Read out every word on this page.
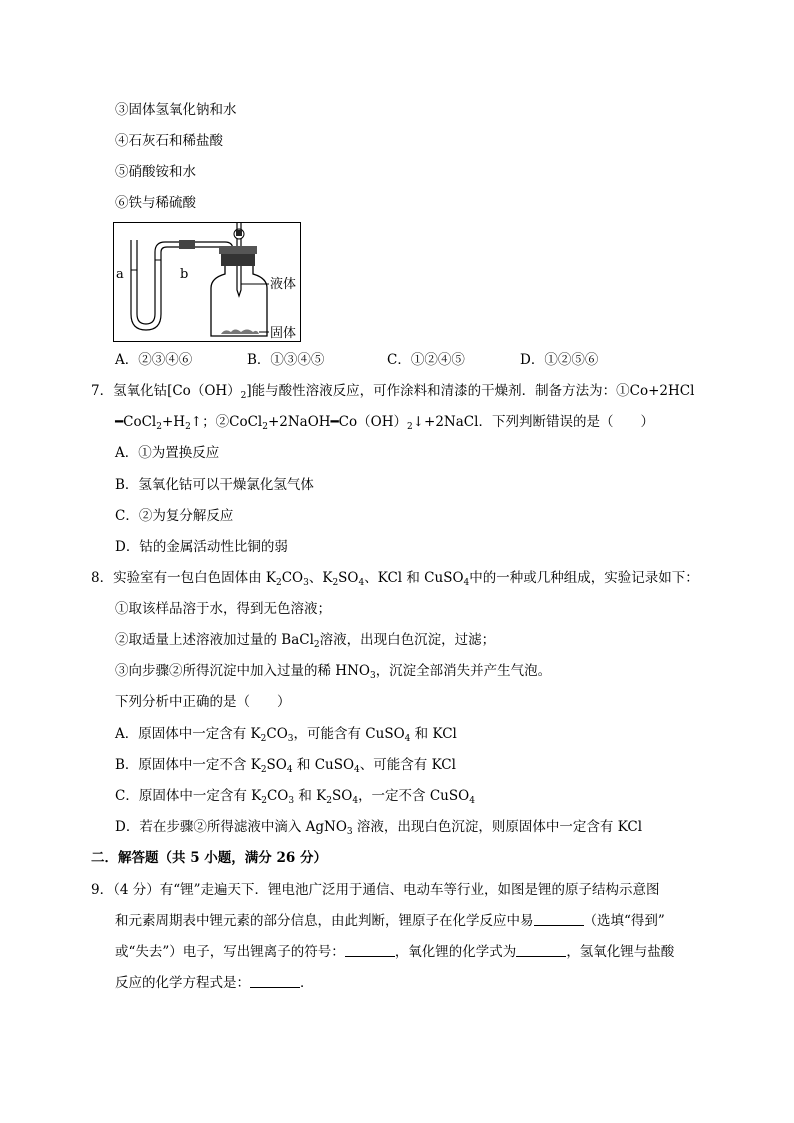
③固体氢氧化钠和水
④石灰石和稀盐酸
⑤硝酸铵和水
⑥铁与稀硫酸
a	b
液体
固体
A．②③④⑥	B．①③④⑤	C．①②④⑤	D．①②⑤⑥
7．氢氧化钴$[Co(OH)_2]$能与酸性溶液反应，可作涂料和清漆的干燥剂．制备方法为：①Co+2HCl
$━CoCl_2+H_2↑$；$②CoCl_2+2NaOH━Co(OH)_2↓+2NaCl$．下列判断错误的是（　　）
A．①为置换反应
B．氢氧化钴可以干燥氯化氢气体
C．②为复分解反应
D．钴的金属活动性比铜的弱
8．实验室有一包白色固体由 $K_2CO_3$、$K_2SO_4$、KCl 和 CuSO$_4$中的一种或几种组成，实验记录如下：
①取该样品溶于水，得到无色溶液；
②取适量上述溶液加过量的 BaCl$_2$溶液，出现白色沉淀，过滤；
③向步骤②所得沉淀中加入过量的稀 $HNO_3$，沉淀全部消失并产生气泡。
下列分析中正确的是（　　）
A．原固体中一定含有 $K_2CO_3$，可能含有 CuSO$_4$ 和 KCl
B．原固体中一定不含 $K_2SO_4$ 和 CuSO$_4$、可能含有 KCl
C．原固体中一定含有 $K_2CO_3$ 和 $K_2SO_4$，一定不含 CuSO$_4$
D．若在步骤②所得滤液中滴入 AgNO$_3$ 溶液，出现白色沉淀，则原固体中一定含有 KCl
二．解答题（共 5 小题，满分 26 分）
9．（4 分）有“锂”走遍天下．锂电池广泛用于通信、电动车等行业，如图是锂的原子结构示意图
和元素周期表中锂元素的部分信息，由此判断，锂原子在化学反应中易	（选填“得到”
或“失去”）电子，写出锂离子的符号：	，氧化锂的化学式为	，氢氧化锂与盐酸
反应的化学方程式是：	．
